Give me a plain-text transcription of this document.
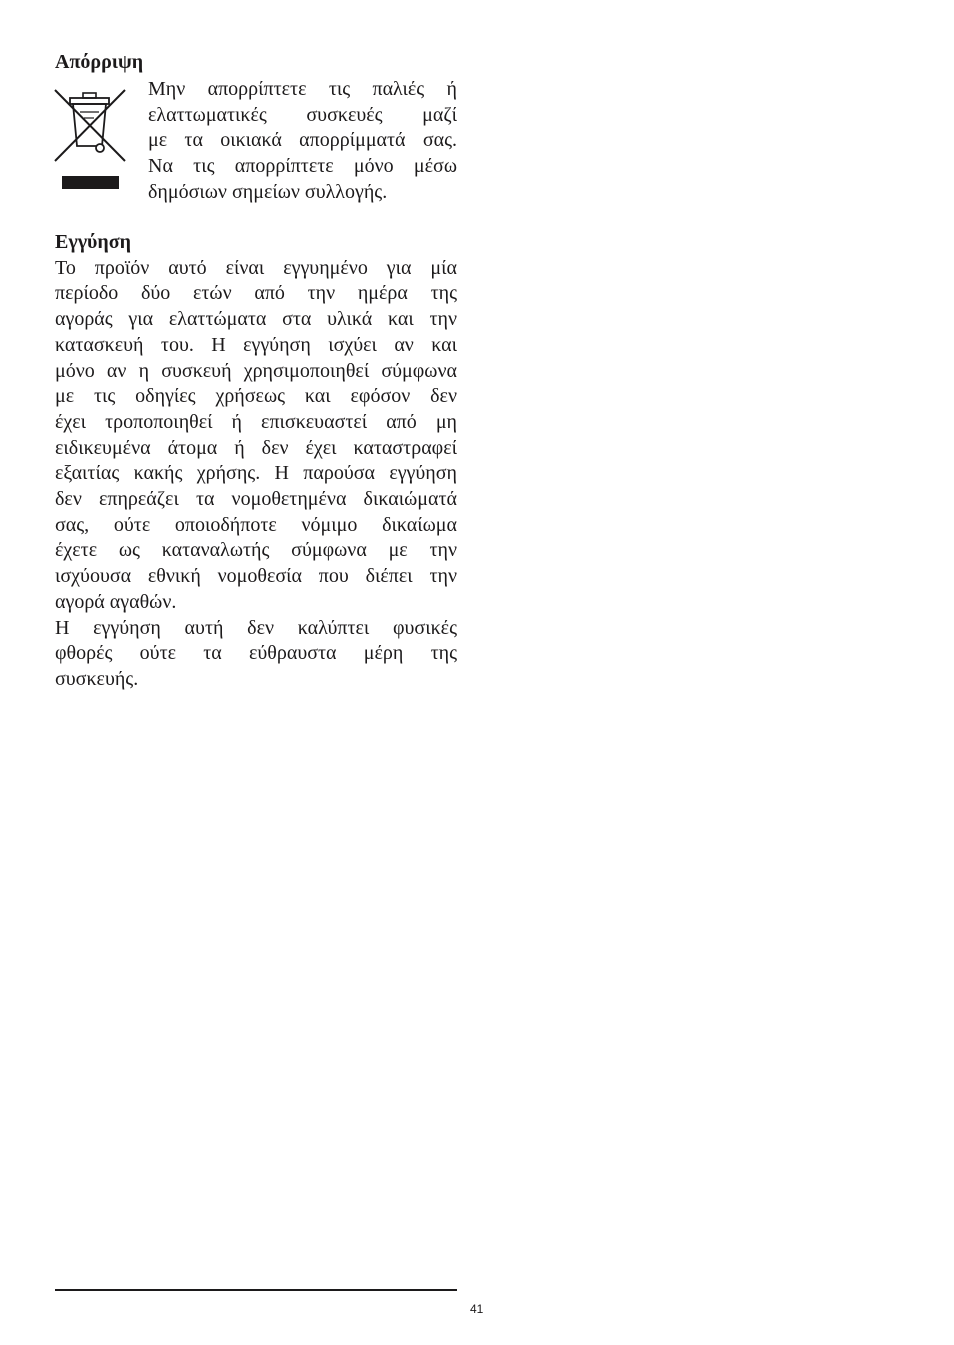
Απόρριψη
Μην απορρίπτετε τις παλιές ή
ελαττωματικές συσκευές μαζί
με τα οικιακά απορρίμματά σας.
Να τις απορρίπτετε μόνο μέσω
δημόσιων σημείων συλλογής.
Εγγύηση
Το προϊόν αυτό είναι εγγυημένο για μία
περίοδο δύο ετών από την ημέρα της
αγοράς για ελαττώματα στα υλικά και την
κατασκευή του. Η εγγύηση ισχύει αν και
μόνο αν η συσκευή χρησιμοποιηθεί σύμφωνα
με τις οδηγίες χρήσεως και εφόσον δεν
έχει τροποποιηθεί ή επισκευαστεί από μη
ειδικευμένα άτομα ή δεν έχει καταστραφεί
εξαιτίας κακής χρήσης. Η παρούσα εγγύηση
δεν επηρεάζει τα νομοθετημένα δικαιώματά
σας, ούτε οποιοδήποτε νόμιμο δικαίωμα
έχετε ως καταναλωτής σύμφωνα με την
ισχύουσα εθνική νομοθεσία που διέπει την
αγορά αγαθών.
Η εγγύηση αυτή δεν καλύπτει φυσικές
φθορές ούτε τα εύθραυστα μέρη της
συσκευής.
41
